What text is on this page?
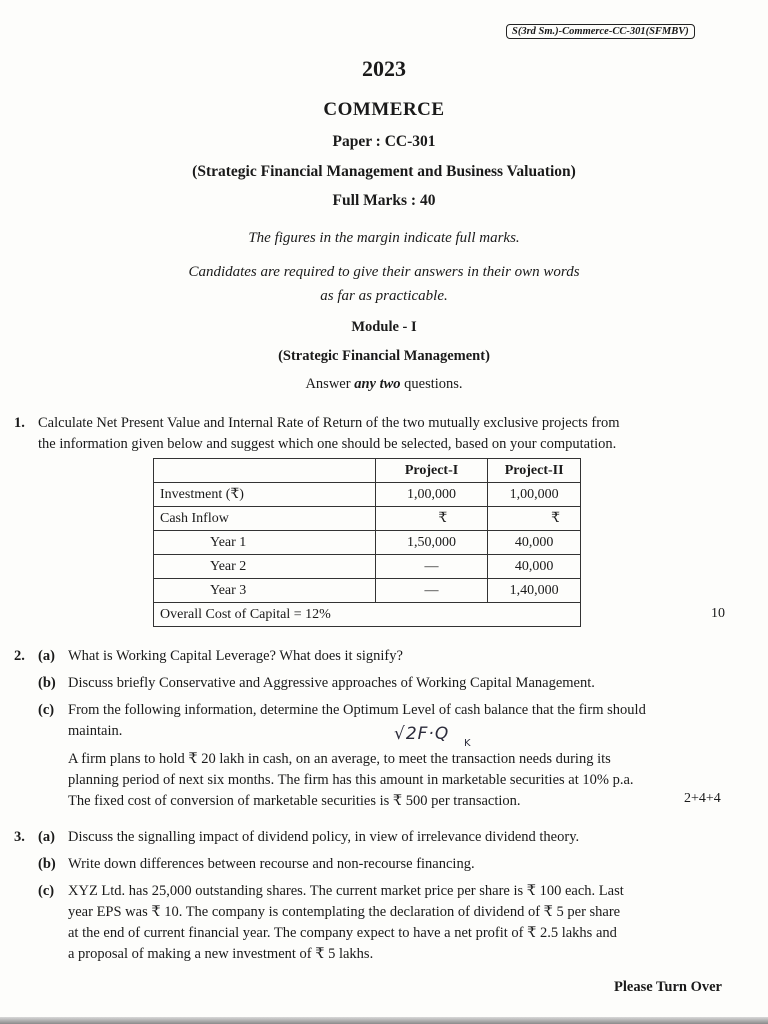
S(3rd Sm.)-Commerce-CC-301(SFMBV)
2023
COMMERCE
Paper : CC-301
(Strategic Financial Management and Business Valuation)
Full Marks : 40
The figures in the margin indicate full marks.
Candidates are required to give their answers in their own words
as far as practicable.
Module - I
(Strategic Financial Management)
Answer any two questions.
1. Calculate Net Present Value and Internal Rate of Return of the two mutually exclusive projects from
the information given below and suggest which one should be selected, based on your computation.
	Project-I	Project-II
Investment (₹)	1,00,000	1,00,000
Cash Inflow	₹	₹
Year 1	1,50,000	40,000
Year 2	—	40,000
Year 3	—	1,40,000
Overall Cost of Capital = 12%			10
2. (a) What is Working Capital Leverage? What does it signify?
(b) Discuss briefly Conservative and Aggressive approaches of Working Capital Management.
(c) From the following information, determine the Optimum Level of cash balance that the firm should
maintain.
A firm plans to hold ₹ 20 lakh in cash, on an average, to meet the transaction needs during its
planning period of next six months. The firm has this amount in marketable securities at 10% p.a.
The fixed cost of conversion of marketable securities is ₹ 500 per transaction.	2+4+4
√2F·Q K
3. (a) Discuss the signalling impact of dividend policy, in view of irrelevance dividend theory.
(b) Write down differences between recourse and non-recourse financing.
(c) XYZ Ltd. has 25,000 outstanding shares. The current market price per share is ₹ 100 each. Last
year EPS was ₹ 10. The company is contemplating the declaration of dividend of ₹ 5 per share
at the end of current financial year. The company expect to have a net profit of ₹ 2.5 lakhs and
a proposal of making a new investment of ₹ 5 lakhs.
Please Turn Over
